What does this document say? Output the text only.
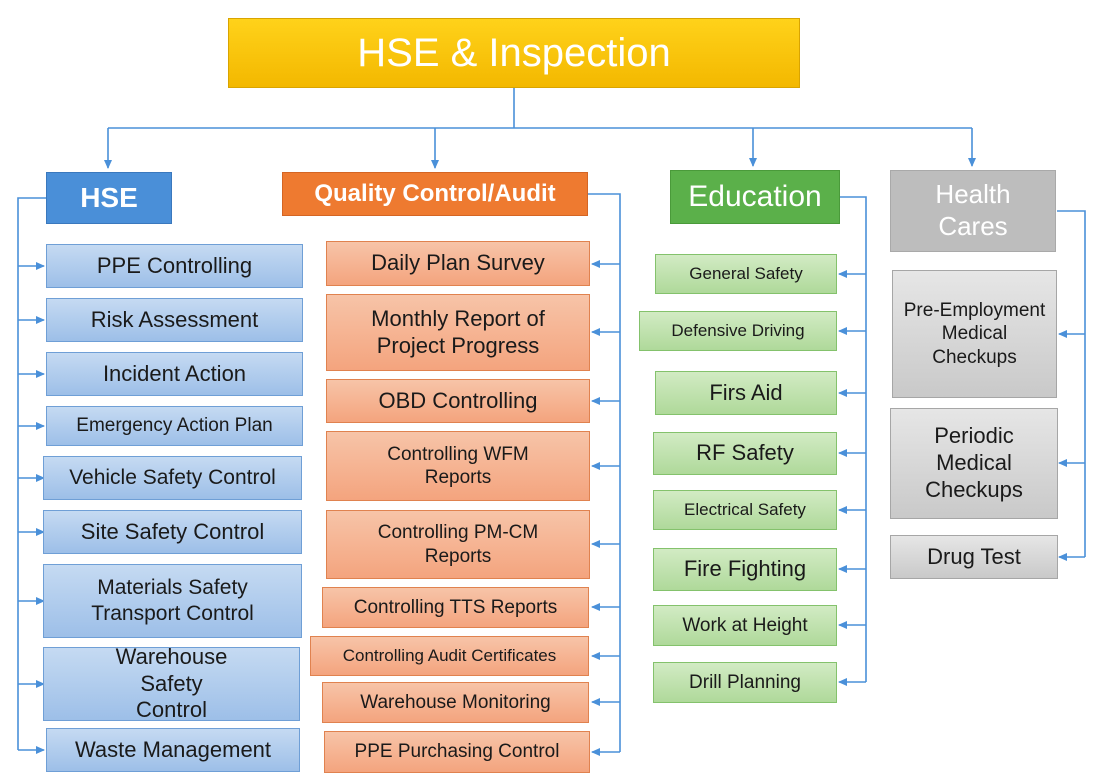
HSE & Inspection
HSE	Quality Control/Audit	Education	Health Cares
PPE Controlling
Risk Assessment
Incident Action
Emergency Action Plan
Vehicle Safety Control
Site Safety Control
Materials Safety Transport Control
Warehouse Safety Control
Waste Management
Daily Plan Survey
Monthly Report of Project Progress
OBD Controlling
Controlling WFM Reports
Controlling PM-CM Reports
Controlling TTS Reports
Controlling Audit Certificates
Warehouse Monitoring
PPE Purchasing Control
General Safety
Defensive Driving
Firs Aid
RF Safety
Electrical Safety
Fire Fighting
Work at Height
Drill Planning
Pre-Employment Medical Checkups
Periodic Medical Checkups
Drug Test
